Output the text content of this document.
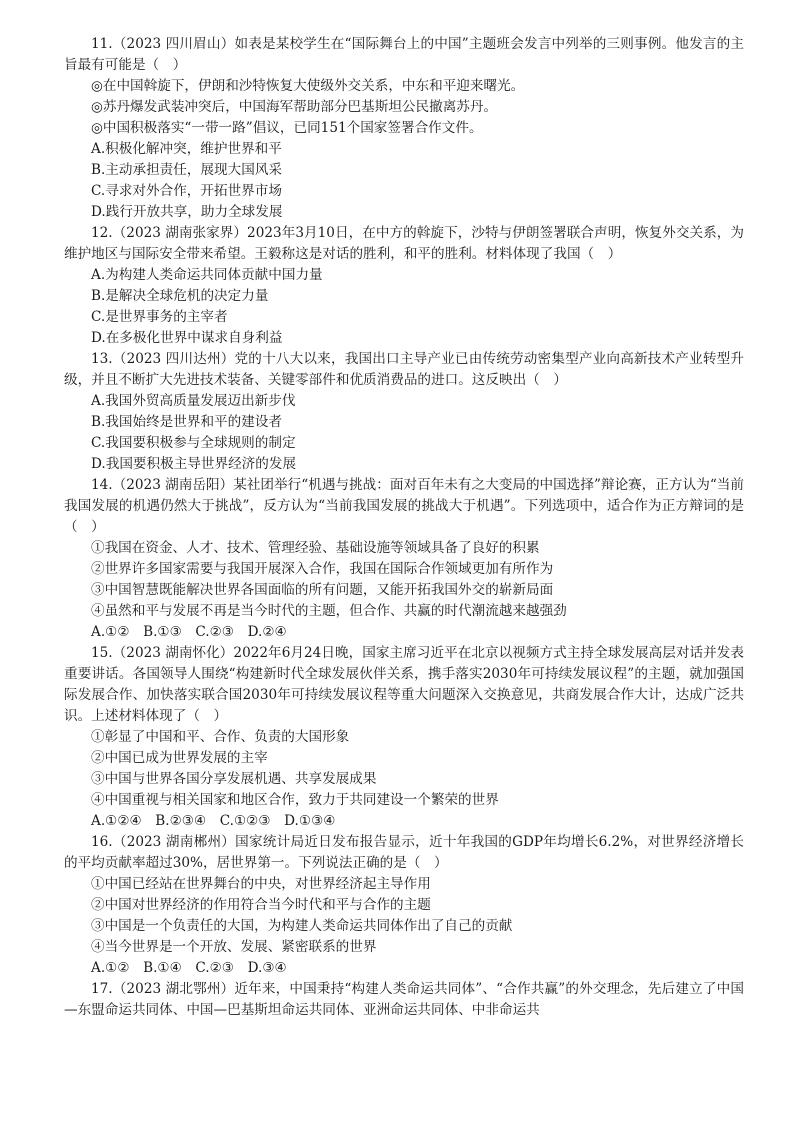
11.（2023 四川眉山）如表是某校学生在“国际舞台上的中国”主题班会发言中列举的三则事例。他发言的主旨最有可能是（　）

◎在中国斡旋下，伊朗和沙特恢复大使级外交关系，中东和平迎来曙光。

◎苏丹爆发武装冲突后，中国海军帮助部分巴基斯坦公民撤离苏丹。

◎中国积极落实“一带一路”倡议，已同151个国家签署合作文件。

A.积极化解冲突，维护世界和平

B.主动承担责任，展现大国风采

C.寻求对外合作，开拓世界市场

D.践行开放共享，助力全球发展

12.（2023 湖南张家界）2023年3月10日，在中方的斡旋下，沙特与伊朗签署联合声明，恢复外交关系，为维护地区与国际安全带来希望。王毅称这是对话的胜利，和平的胜利。材料体现了我国（　）

A.为构建人类命运共同体贡献中国力量

B.是解决全球危机的决定力量

C.是世界事务的主宰者

D.在多极化世界中谋求自身利益

13.（2023 四川达州）党的十八大以来，我国出口主导产业已由传统劳动密集型产业向高新技术产业转型升级，并且不断扩大先进技术装备、关键零部件和优质消费品的进口。这反映出（　）

A.我国外贸高质量发展迈出新步伐

B.我国始终是世界和平的建设者

C.我国要积极参与全球规则的制定

D.我国要积极主导世界经济的发展

14.（2023 湖南岳阳）某社团举行“机遇与挑战：面对百年未有之大变局的中国选择”辩论赛，正方认为“当前我国发展的机遇仍然大于挑战”，反方认为“当前我国发展的挑战大于机遇”。下列选项中，适合作为正方辩词的是（　）

①我国在资金、人才、技术、管理经验、基础设施等领域具备了良好的积累

②世界许多国家需要与我国开展深入合作，我国在国际合作领域更加有所作为

③中国智慧既能解决世界各国面临的所有问题，又能开拓我国外交的崭新局面

④虽然和平与发展不再是当今时代的主题，但合作、共赢的时代潮流越来越强劲

A.①②　B.①③　C.②③　D.②④

15.（2023 湖南怀化）2022年6月24日晚，国家主席习近平在北京以视频方式主持全球发展高层对话并发表重要讲话。各国领导人围绕“构建新时代全球发展伙伴关系，携手落实2030年可持续发展议程”的主题，就加强国际发展合作、加快落实联合国2030年可持续发展议程等重大问题深入交换意见，共商发展合作大计，达成广泛共识。上述材料体现了（　）

①彰显了中国和平、合作、负责的大国形象

②中国已成为世界发展的主宰

③中国与世界各国分享发展机遇、共享发展成果

④中国重视与相关国家和地区合作，致力于共同建设一个繁荣的世界

A.①②④　B.②③④　C.①②③　D.①③④

16.（2023 湖南郴州）国家统计局近日发布报告显示，近十年我国的GDP年均增长6.2%，对世界经济增长的平均贡献率超过30%，居世界第一。下列说法正确的是（　）

①中国已经站在世界舞台的中央，对世界经济起主导作用

②中国对世界经济的作用符合当今时代和平与合作的主题

③中国是一个负责任的大国，为构建人类命运共同体作出了自己的贡献

④当今世界是一个开放、发展、紧密联系的世界

A.①②　B.①④　C.②③　D.③④

17.（2023 湖北鄂州）近年来，中国秉持“构建人类命运共同体”、“合作共赢”的外交理念，先后建立了中国—东盟命运共同体、中国—巴基斯坦命运共同体、亚洲命运共同体、中非命运共
